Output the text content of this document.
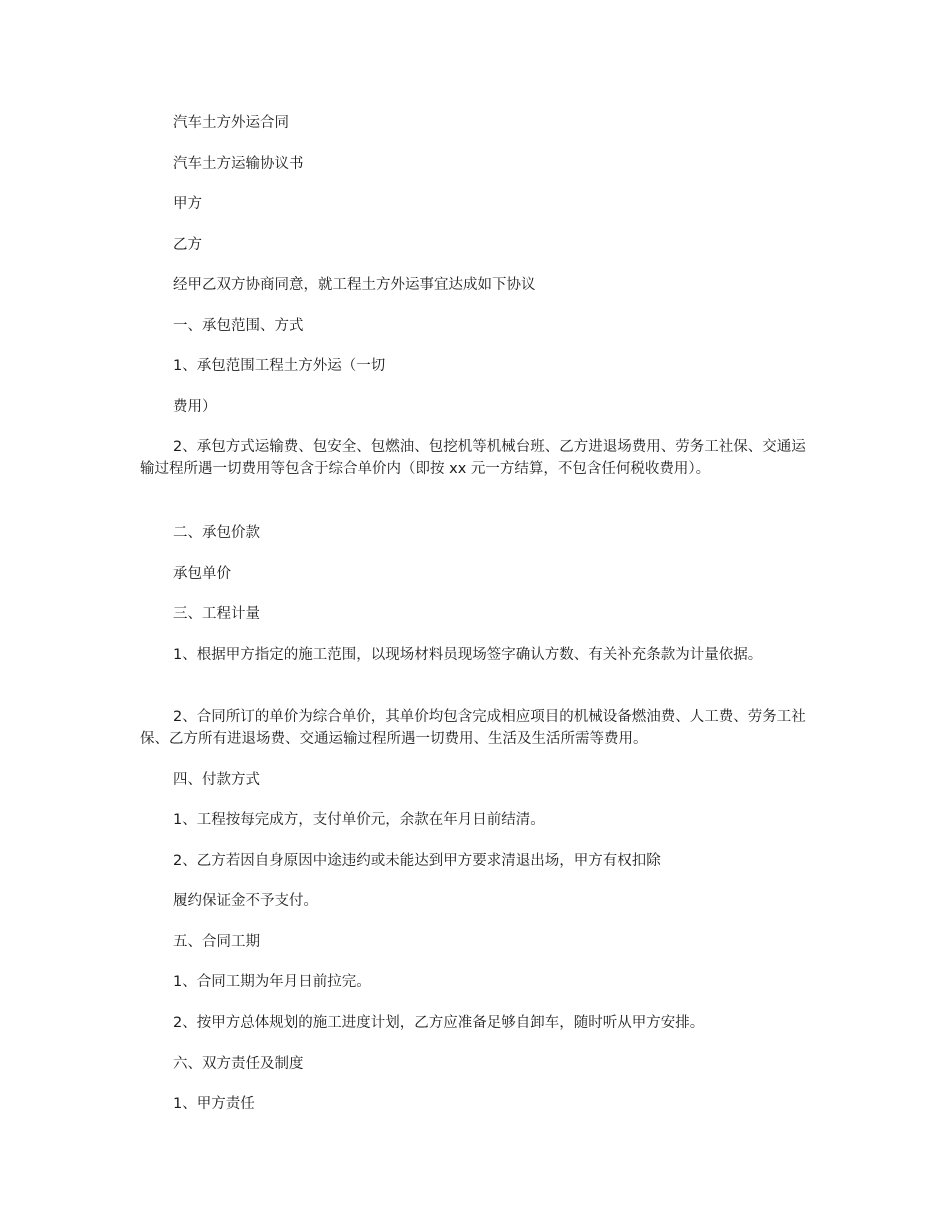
汽车土方外运合同

汽车土方运输协议书

甲方

乙方

经甲乙双方协商同意，就工程土方外运事宜达成如下协议

一、承包范围、方式

1、承包范围工程土方外运（一切

费用）

2、承包方式运输费、包安全、包燃油、包挖机等机械台班、乙方进退场费用、劳务工社保、交通运输过程所遇一切费用等包含于综合单价内（即按 xx 元一方结算，不包含任何税收费用）。

二、承包价款

承包单价

三、工程计量

1、根据甲方指定的施工范围，以现场材料员现场签字确认方数、有关补充条款为计量依据。

2、合同所订的单价为综合单价，其单价均包含完成相应项目的机械设备燃油费、人工费、劳务工社保、乙方所有进退场费、交通运输过程所遇一切费用、生活及生活所需等费用。

四、付款方式

1、工程按每完成方，支付单价元，余款在年月日前结清。

2、乙方若因自身原因中途违约或未能达到甲方要求清退出场，甲方有权扣除

履约保证金不予支付。

五、合同工期

1、合同工期为年月日前拉完。

2、按甲方总体规划的施工进度计划，乙方应准备足够自卸车，随时听从甲方安排。

六、双方责任及制度

1、甲方责任
